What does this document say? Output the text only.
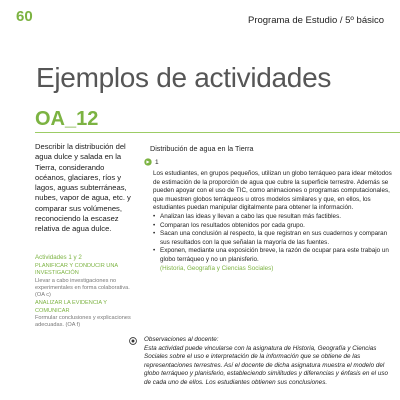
60	Programa de Estudio / 5º básico
Ejemplos de actividades
OA_12

Describir la distribución del agua dulce y salada en la Tierra, considerando océanos, glaciares, ríos y lagos, aguas subterráneas, nubes, vapor de agua, etc. y comparar sus volúmenes, reconociendo la escasez relativa de agua dulce.

Actividades 1 y 2
PLANIFICAR Y CONDUCIR UNA INVESTIGACIÓN
Llevar a cabo investigaciones no experimentales en forma colaborativa. (OA c)
ANALIZAR LA EVIDENCIA Y COMUNICAR
Formular conclusiones y explicaciones adecuadas. (OA f)
Distribución de agua en la Tierra
1

Los estudiantes, en grupos pequeños, utilizan un globo terráqueo para idear métodos de estimación de la proporción de agua que cubre la superficie terrestre. Además se pueden apoyar con el uso de TIC, como animaciones o programas computacionales, que muestren globos terráqueos u otros modelos similares y que, en ellos, los estudiantes puedan manipular digitalmente para obtener la información.

• Analizan las ideas y llevan a cabo las que resultan más factibles.
• Comparan los resultados obtenidos por cada grupo.
• Sacan una conclusión al respecto, la que registran en sus cuadernos y comparan sus resultados con la que señalan la mayoría de las fuentes.
• Exponen, mediante una exposición breve, la razón de ocupar para este trabajo un globo terráqueo y no un planisferio.

(Historia, Geografía y Ciencias Sociales)

Observaciones al docente:

Esta actividad puede vincularse con la asignatura de Historia, Geografía y Ciencias Sociales sobre el uso e interpretación de la información que se obtiene de las representaciones terrestres. Así el docente de dicha asignatura muestra el modelo del globo terráqueo y planisferio, estableciendo similitudes y diferencias y énfasis en el uso de cada uno de ellos. Los estudiantes obtienen sus conclusiones.
